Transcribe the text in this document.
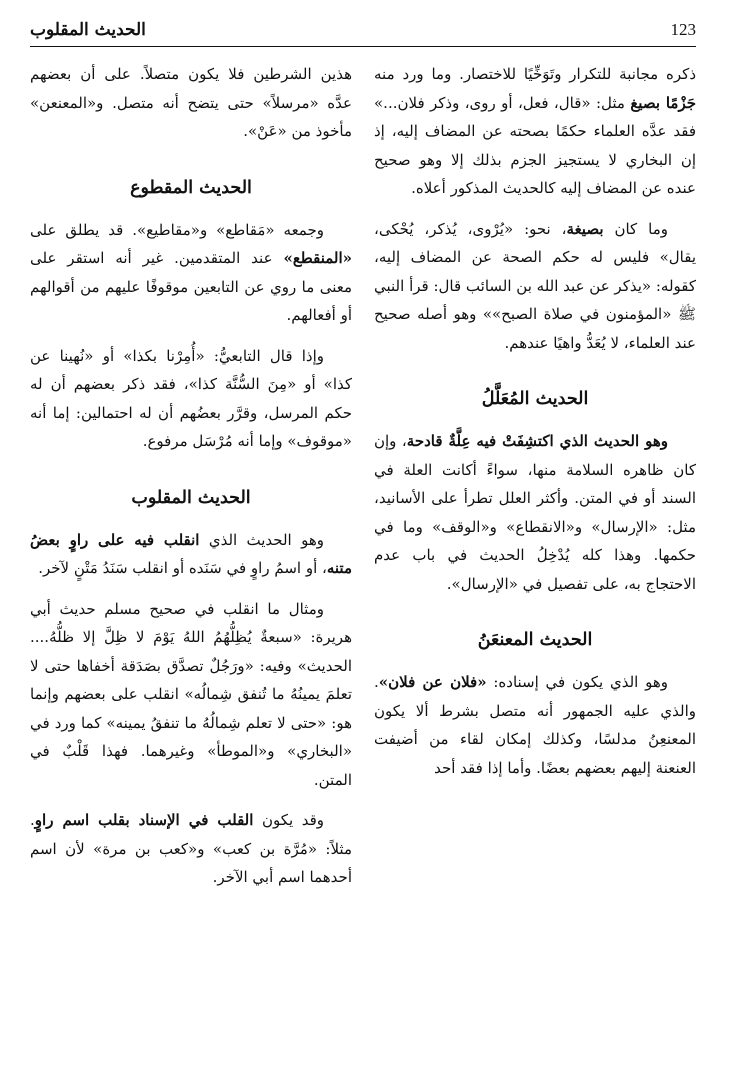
الحديث المقلوب	123

ذكره مجانبة للتكرار وتَوَخِّيًا للاختصار. وما ورد منه جَزْمًا بصيغ مثل: «قال، فعل، أو روى، وذكر فلان...» فقد عدَّه العلماء حكمًا بصحته عن المضاف إليه، إذ إن البخاري لا يستجيز الجزم بذلك إلا وهو صحيح عنده عن المضاف إليه كالحديث المذكور أعلاه.

وما كان بصيغة، نحو: «يُرْوى، يُذكر، يُحْكى، يقال» فليس له حكم الصحة عن المضاف إليه، كقوله: «يذكر عن عبد الله بن السائب قال: قرأ النبي ﷺ «المؤمنون في صلاة الصبح»» وهو أصله صحيح عند العلماء، لا يُعَدُّ واهيًا عندهم.

الحديث المُعَلَّلُ

وهو الحديث الذي اكتشِفَتْ فيه عِلَّةٌ قادحة، وإن كان ظاهره السلامة منها، سواءً أكانت العلة في السند أو في المتن. وأكثر العلل تطرأ على الأسانيد، مثل: «الإرسال» و«الانقطاع» و«الوقف» وما في حكمها. وهذا كله يُدْخِلُ الحديث في باب عدم الاحتجاج به، على تفصيل في «الإرسال».

الحديث المعنعَنُ

وهو الذي يكون في إسناده: «فلان عن فلان». والذي عليه الجمهور أنه متصل بشرط ألا يكون المعنعِنُ مدلسًا، وكذلك إمكان لقاء من أضيفت العنعنة إليهم بعضهم بعضًا. وأما إذا فقد أحد

هذين الشرطين فلا يكون متصلاً. على أن بعضهم عدَّه «مرسلاً» حتى يتضح أنه متصل. و«المعنعن» مأخوذ من «عَنْ».

الحديث المقطوع

وجمعه «مَقاطع» و«مقاطيع». قد يطلق على «المنقطع» عند المتقدمين. غير أنه استقر على معنى ما روي عن التابعين موقوفًا عليهم من أقوالهم أو أفعالهم.

وإذا قال التابعيُّ: «أُمِرْنا بكذا» أو «نُهينا عن كذا» أو «مِنَ السُّنَّة كذا»، فقد ذكر بعضهم أن له حكم المرسل، وقرَّر بعضُهم أن له احتمالين: إما أنه «موقوف» وإما أنه مُرْسَل مرفوع.

الحديث المقلوب

وهو الحديث الذي انقلب فيه على راوٍ بعضُ متنه، أو اسمُ راوٍ في سَنَده أو انقلب سَنَدُ مَتْنٍ لآخر.

ومثال ما انقلب في صحيح مسلم حديث أبي هريرة: «سبعةٌ يُظِلُّهُمُ اللهُ يَوْمَ لا ظِلَّ إلا ظلُّهُ.... الحديث» وفيه: «ورَجُلٌ تصدَّق بصَدَقة أخفاها حتى لا تعلمَ يمينُهُ ما تُنفق شِمالُه» انقلب على بعضهم وإنما هو: «حتى لا تعلم شِمالُهُ ما تنفقُ يمينه» كما ورد في «البخاري» و«الموطأ» وغيرهما. فهذا قَلْبٌ في المتن.

وقد يكون القلب في الإسناد بقلب اسم راوٍ. مثلاً: «مُرَّة بن كعب» و«كعب بن مرة» لأن اسم أحدهما اسم أبي الآخر.
